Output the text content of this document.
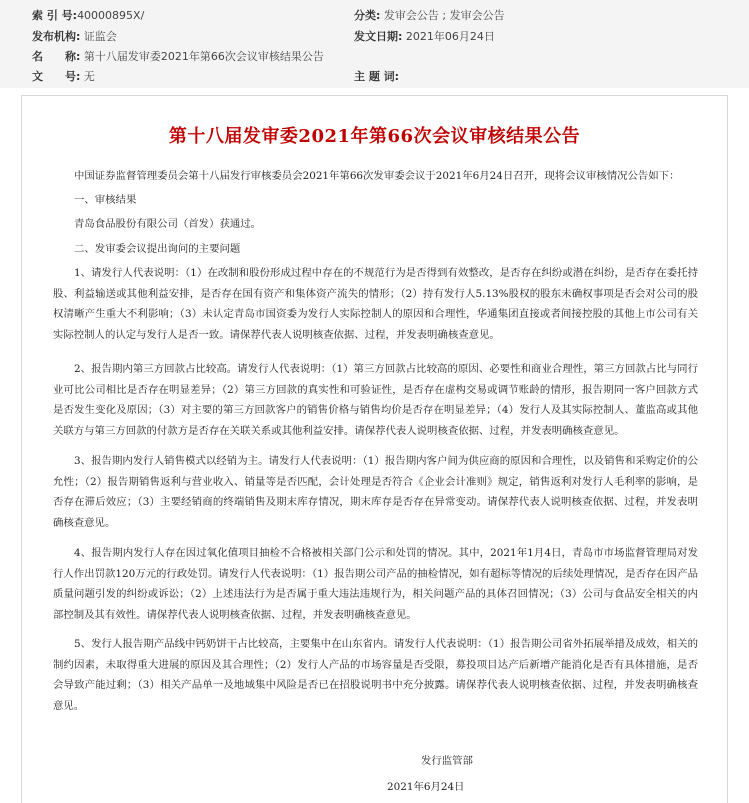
索 引 号:40000895X/	分类: 发审会公告 ; 发审会公告
发布机构: 证监会	发文日期: 2021年06月24日
名　　称: 第十八届发审委2021年第66次会议审核结果公告
文　　号: 无	主 题 词:
第十八届发审委2021年第66次会议审核结果公告

中国证券监督管理委员会第十八届发行审核委员会2021年第66次发审委会议于2021年6月24日召开，现将会议审核情况公告如下：

一、审核结果

青岛食品股份有限公司（首发）获通过。

二、发审委会议提出询问的主要问题

1、请发行人代表说明：（1）在改制和股份形成过程中存在的不规范行为是否得到有效整改，是否存在纠纷或潜在纠纷，是否存在委托持股、利益输送或其他利益安排，是否存在国有资产和集体资产流失的情形；（2）持有发行人5.13%股权的股东未确权事项是否会对公司的股权清晰产生重大不利影响；（3）未认定青岛市国资委为发行人实际控制人的原因和合理性，华通集团直接或者间接控股的其他上市公司有关实际控制人的认定与发行人是否一致。请保荐代表人说明核查依据、过程，并发表明确核查意见。

2、报告期内第三方回款占比较高。请发行人代表说明：（1）第三方回款占比较高的原因、必要性和商业合理性，第三方回款占比与同行业可比公司相比是否存在明显差异；（2）第三方回款的真实性和可验证性，是否存在虚构交易或调节账龄的情形，报告期同一客户回款方式是否发生变化及原因；（3）对主要的第三方回款客户的销售价格与销售均价是否存在明显差异；（4）发行人及其实际控制人、董监高或其他关联方与第三方回款的付款方是否存在关联关系或其他利益安排。请保荐代表人说明核查依据、过程，并发表明确核查意见。

3、报告期内发行人销售模式以经销为主。请发行人代表说明：（1）报告期内客户间为供应商的原因和合理性，以及销售和采购定价的公允性；（2）报告期销售返利与营业收入、销量等是否匹配，会计处理是否符合《企业会计准则》规定，销售返利对发行人毛利率的影响，是否存在滞后效应；（3）主要经销商的终端销售及期末库存情况，期末库存是否存在异常变动。请保荐代表人说明核查依据、过程，并发表明确核查意见。

4、报告期内发行人存在因过氧化值项目抽检不合格被相关部门公示和处罚的情况。其中，2021年1月4日，青岛市市场监督管理局对发行人作出罚款120万元的行政处罚。请发行人代表说明：（1）报告期公司产品的抽检情况，如有超标等情况的后续处理情况，是否存在因产品质量问题引发的纠纷或诉讼；（2）上述违法行为是否属于重大违法违规行为，相关问题产品的具体召回情况；（3）公司与食品安全相关的内部控制及其有效性。请保荐代表人说明核查依据、过程，并发表明确核查意见。

5、发行人报告期产品线中钙奶饼干占比较高，主要集中在山东省内。请发行人代表说明：（1）报告期公司省外拓展举措及成效，相关的制约因素，未取得重大进展的原因及其合理性；（2）发行人产品的市场容量是否受限，募投项目达产后新增产能消化是否有具体措施，是否会导致产能过剩；（3）相关产品单一及地域集中风险是否已在招股说明书中充分披露。请保荐代表人说明核查依据、过程，并发表明确核查意见。

发行监管部
2021年6月24日
